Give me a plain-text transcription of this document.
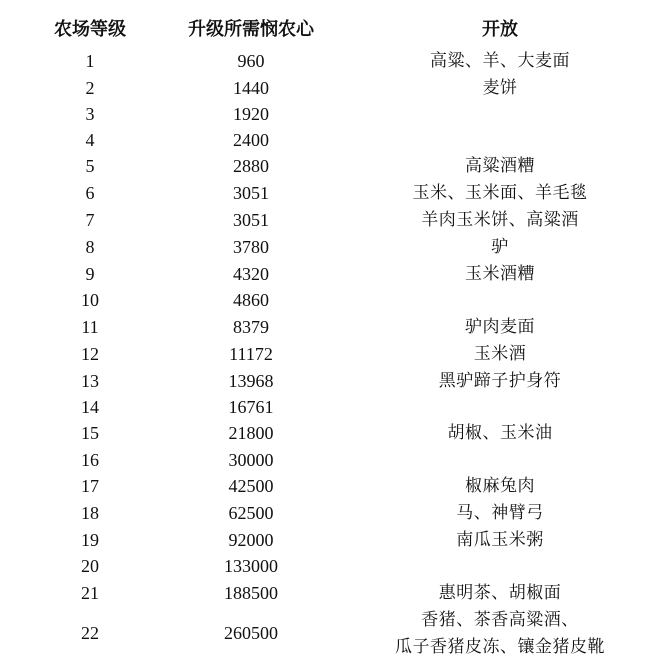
农场等级	升级所需悯农心	开放
1	960	高粱、羊、大麦面

2	1440	麦饼

3	1920	

4	2400	

5	2880	高粱酒糟

6	3051	玉米、玉米面、羊毛毯

7	3051	羊肉玉米饼、高粱酒

8	3780	驴

9	4320	玉米酒糟

10	4860	

11	8379	驴肉麦面

12	11172	玉米酒

13	13968	黑驴蹄子护身符

14	16761	

15	21800	胡椒、玉米油

16	30000	

17	42500	椒麻兔肉

18	62500	马、神臂弓

19	92000	南瓜玉米粥

20	133000	

21	188500	惠明茶、胡椒面

22	260500	香猪、茶香高粱酒、
瓜子香猪皮冻、镶金猪皮靴
